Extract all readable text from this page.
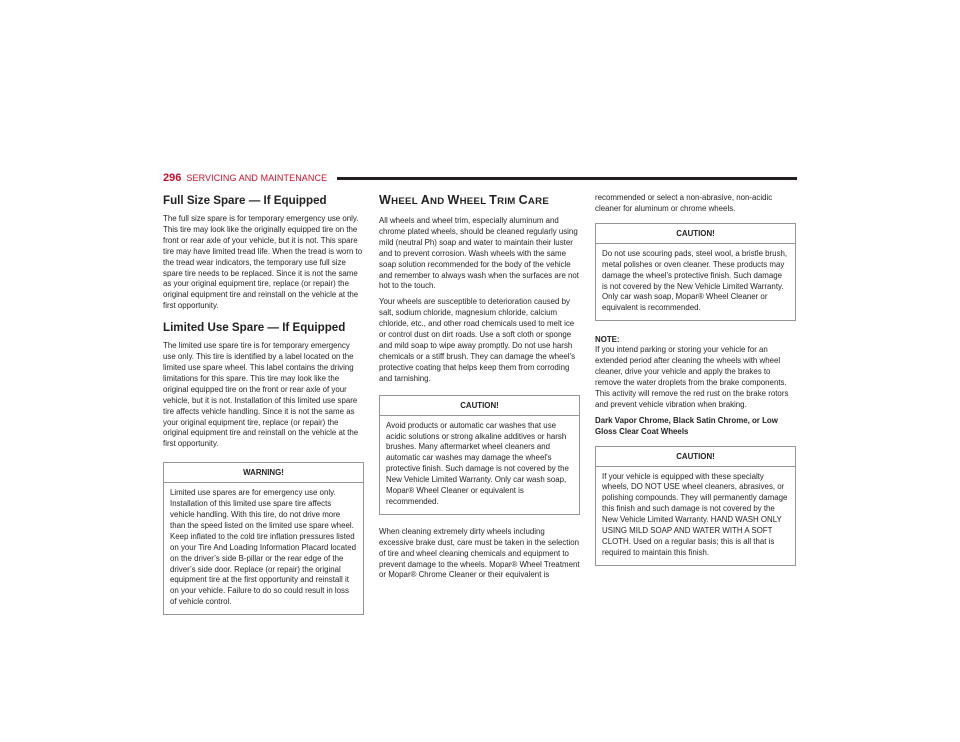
296 SERVICING AND MAINTENANCE
Full Size Spare — If Equipped

The full size spare is for temporary emergency use only. This tire may look like the originally equipped tire on the front or rear axle of your vehicle, but it is not. This spare tire may have limited tread life. When the tread is worn to the tread wear indicators, the temporary use full size spare tire needs to be replaced. Since it is not the same as your original equipment tire, replace (or repair) the original equipment tire and reinstall on the vehicle at the first opportunity.

Limited Use Spare — If Equipped

The limited use spare tire is for temporary emergency use only. This tire is identified by a label located on the limited use spare wheel. This label contains the driving limitations for this spare. This tire may look like the original equipped tire on the front or rear axle of your vehicle, but it is not. Installation of this limited use spare tire affects vehicle handling. Since it is not the same as your original equipment tire, replace (or repair) the original equipment tire and reinstall on the vehicle at the first opportunity.

WARNING!
Limited use spares are for emergency use only. Installation of this limited use spare tire affects vehicle handling. With this tire, do not drive more than the speed listed on the limited use spare wheel. Keep inflated to the cold tire inflation pressures listed on your Tire And Loading Information Placard located on the driver’s side B-pillar or the rear edge of the driver’s side door. Replace (or repair) the original equipment tire at the first opportunity and reinstall it on your vehicle. Failure to do so could result in loss of vehicle control.
WHEEL AND WHEEL TRIM CARE

All wheels and wheel trim, especially aluminum and chrome plated wheels, should be cleaned regularly using mild (neutral Ph) soap and water to maintain their luster and to prevent corrosion. Wash wheels with the same soap solution recommended for the body of the vehicle and remember to always wash when the surfaces are not hot to the touch.

Your wheels are susceptible to deterioration caused by salt, sodium chloride, magnesium chloride, calcium chloride, etc., and other road chemicals used to melt ice or control dust on dirt roads. Use a soft cloth or sponge and mild soap to wipe away promptly. Do not use harsh chemicals or a stiff brush. They can damage the wheel’s protective coating that helps keep them from corroding and tarnishing.

CAUTION!
Avoid products or automatic car washes that use acidic solutions or strong alkaline additives or harsh brushes. Many aftermarket wheel cleaners and automatic car washes may damage the wheel's protective finish. Such damage is not covered by the New Vehicle Limited Warranty. Only car wash soap, Mopar® Wheel Cleaner or equivalent is recommended.

When cleaning extremely dirty wheels including excessive brake dust, care must be taken in the selection of tire and wheel cleaning chemicals and equipment to prevent damage to the wheels. Mopar® Wheel Treatment or Mopar® Chrome Cleaner or their equivalent is

recommended or select a non-abrasive, non-acidic cleaner for aluminum or chrome wheels.

CAUTION!
Do not use scouring pads, steel wool, a bristle brush, metal polishes or oven cleaner. These products may damage the wheel's protective finish. Such damage is not covered by the New Vehicle Limited Warranty. Only car wash soap, Mopar® Wheel Cleaner or equivalent is recommended.
NOTE:

If you intend parking or storing your vehicle for an extended period after cleaning the wheels with wheel cleaner, drive your vehicle and apply the brakes to remove the water droplets from the brake components. This activity will remove the red rust on the brake rotors and prevent vehicle vibration when braking.

Dark Vapor Chrome, Black Satin Chrome, or Low Gloss Clear Coat Wheels

CAUTION!
If your vehicle is equipped with these specialty wheels, DO NOT USE wheel cleaners, abrasives, or polishing compounds. They will permanently damage this finish and such damage is not covered by the New Vehicle Limited Warranty. HAND WASH ONLY USING MILD SOAP AND WATER WITH A SOFT CLOTH. Used on a regular basis; this is all that is required to maintain this finish.
